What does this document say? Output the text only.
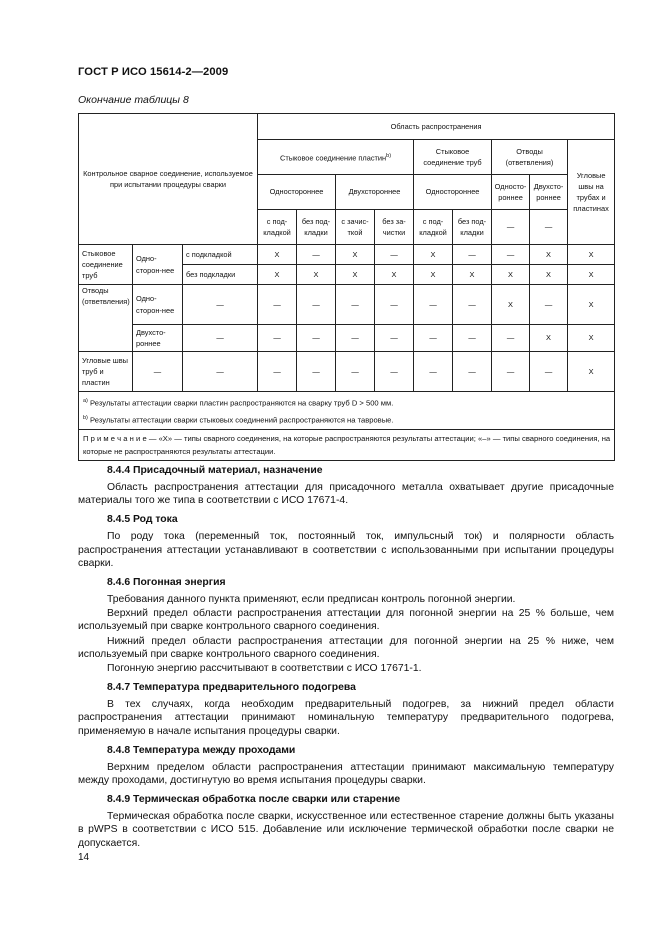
ГОСТ Р ИСО 15614-2—2009
Окончание таблицы 8
Контрольное сварное соединение, используемое при испытании процедуры сварки			Область распространения								
			Стыковое соединение пластин$^{b)}$				Стыковое соединение труб		Отводы (ответвления)		Угловые швы на трубах и пластинах
			Одностороннее		Двухстороннее		Одностороннее		Односто-роннее	Двухсто-роннее	
			с под-кладкой	без под-кладки	с зачис-ткой	без за-чистки	с под-кладкой	без под-кладки	—	—	
Стыковое соединение труб	Одно-сторон-нее	с подкладкой	X	—	X	—	X	—	—	X	X
		без подкладки	X	X	X	X	X	X	X	X	X
Отводы (ответвления)	Одно-сторон-нее	—	—	—	—	—	—	—	X	—	X
	Двухсто-роннее	—	—	—	—	—	—	—	—	X	X
Угловые швы труб и пластин	—	—	—	—	—	—	—	—	—	—	X

$^{а)}$ Результаты аттестации сварки пластин распространяются на сварку труб D > 500 мм.
$^{b)}$ Результаты аттестации сварки стыковых соединений распространяются на тавровые.											

П р и м е ч а н и е — «X» — типы сварного соединения, на которые распространяются результаты аттестации; «–» — типы сварного соединения, на которые не распространяются результаты аттестации.											
8.4.4 Присадочный материал, назначение

Область распространения аттестации для присадочного металла охватывает другие присадочные материалы того же типа в соответствии с ИСО 17671-4.

8.4.5 Род тока

По роду тока (переменный ток, постоянный ток, импульсный ток) и полярности область распространения аттестации устанавливают в соответствии с использованными при испытании процедуры сварки.

8.4.6 Погонная энергия

Требования данного пункта применяют, если предписан контроль погонной энергии.

Верхний предел области распространения аттестации для погонной энергии на 25 % больше, чем используемый при сварке контрольного сварного соединения.

Нижний предел области распространения аттестации для погонной энергии на 25 % ниже, чем используемый при сварке контрольного сварного соединения.

Погонную энергию рассчитывают в соответствии с ИСО 17671-1.

8.4.7 Температура предварительного подогрева

В тех случаях, когда необходим предварительный подогрев, за нижний предел области распространения аттестации принимают номинальную температуру предварительного подогрева, применяемую в начале испытания процедуры сварки.

8.4.8 Температура между проходами

Верхним пределом области распространения аттестации принимают максимальную температуру между проходами, достигнутую во время испытания процедуры сварки.

8.4.9 Термическая обработка после сварки или старение

Термическая обработка после сварки, искусственное или естественное старение должны быть указаны в pWPS в соответствии с ИСО 515. Добавление или исключение термической обработки после сварки не допускается.

14
